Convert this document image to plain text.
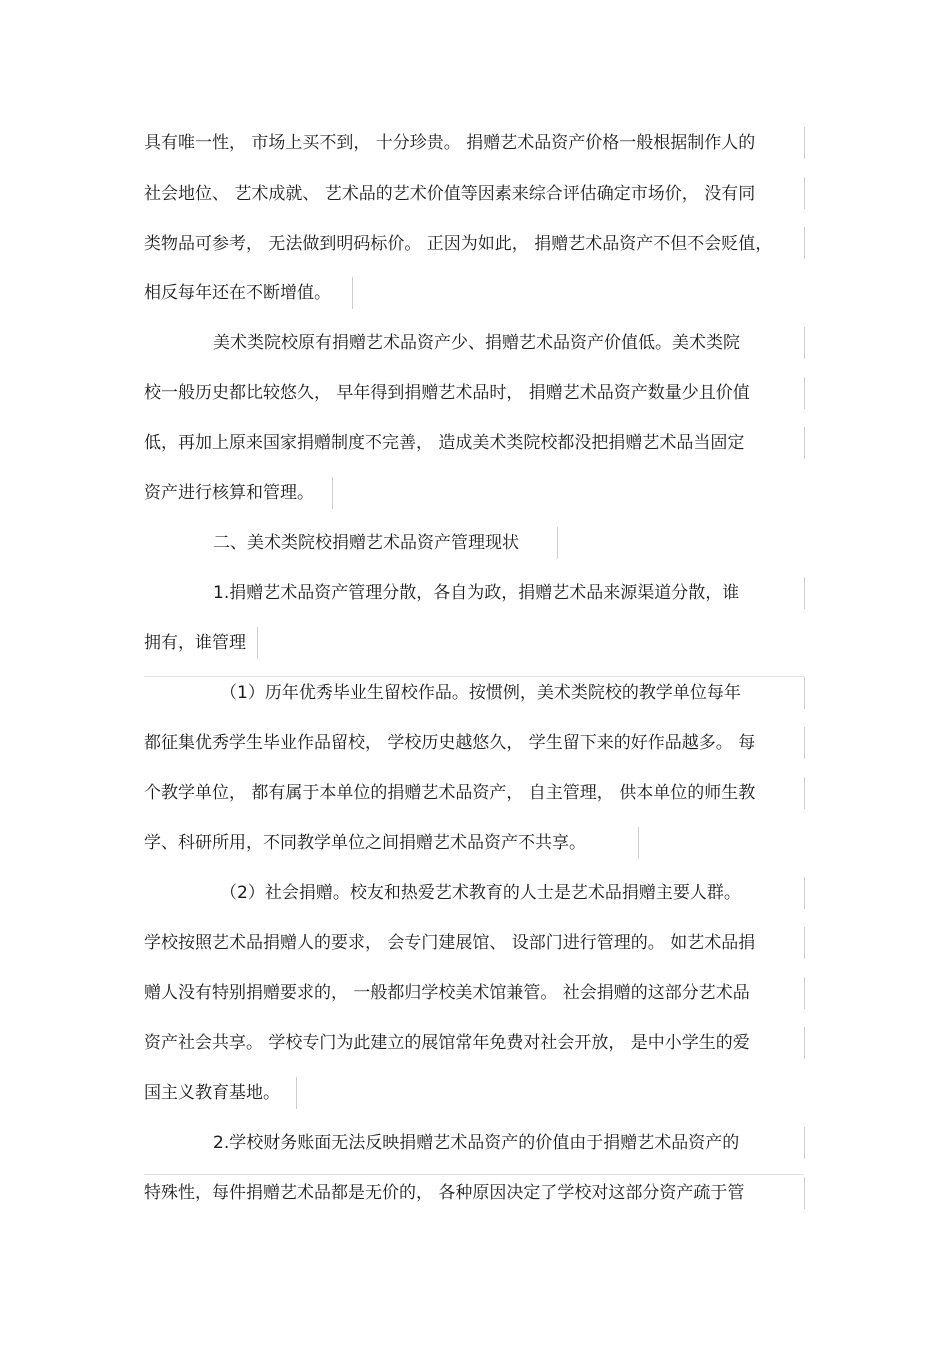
具有唯一性， 市场上买不到， 十分珍贵。 捐赠艺术品资产价格一般根据制作人的
社会地位、 艺术成就、 艺术品的艺术价值等因素来综合评估确定市场价， 没有同
类物品可参考， 无法做到明码标价。 正因为如此， 捐赠艺术品资产不但不会贬值，
相反每年还在不断增值。
美术类院校原有捐赠艺术品资产少、捐赠艺术品资产价值低。美术类院
校一般历史都比较悠久， 早年得到捐赠艺术品时， 捐赠艺术品资产数量少且价值
低，再加上原来国家捐赠制度不完善， 造成美术类院校都没把捐赠艺术品当固定
资产进行核算和管理。
二、美术类院校捐赠艺术品资产管理现状
1.捐赠艺术品资产管理分散，各自为政，捐赠艺术品来源渠道分散，谁
拥有，谁管理
（1）历年优秀毕业生留校作品。按惯例，美术类院校的教学单位每年
都征集优秀学生毕业作品留校， 学校历史越悠久， 学生留下来的好作品越多。 每
个教学单位， 都有属于本单位的捐赠艺术品资产， 自主管理， 供本单位的师生教
学、科研所用，不同教学单位之间捐赠艺术品资产不共享。
（2）社会捐赠。校友和热爱艺术教育的人士是艺术品捐赠主要人群。
学校按照艺术品捐赠人的要求， 会专门建展馆、 设部门进行管理的。 如艺术品捐
赠人没有特别捐赠要求的， 一般都归学校美术馆兼管。 社会捐赠的这部分艺术品
资产社会共享。 学校专门为此建立的展馆常年免费对社会开放， 是中小学生的爱
国主义教育基地。
2.学校财务账面无法反映捐赠艺术品资产的价值由于捐赠艺术品资产的
特殊性，每件捐赠艺术品都是无价的， 各种原因决定了学校对这部分资产疏于管
